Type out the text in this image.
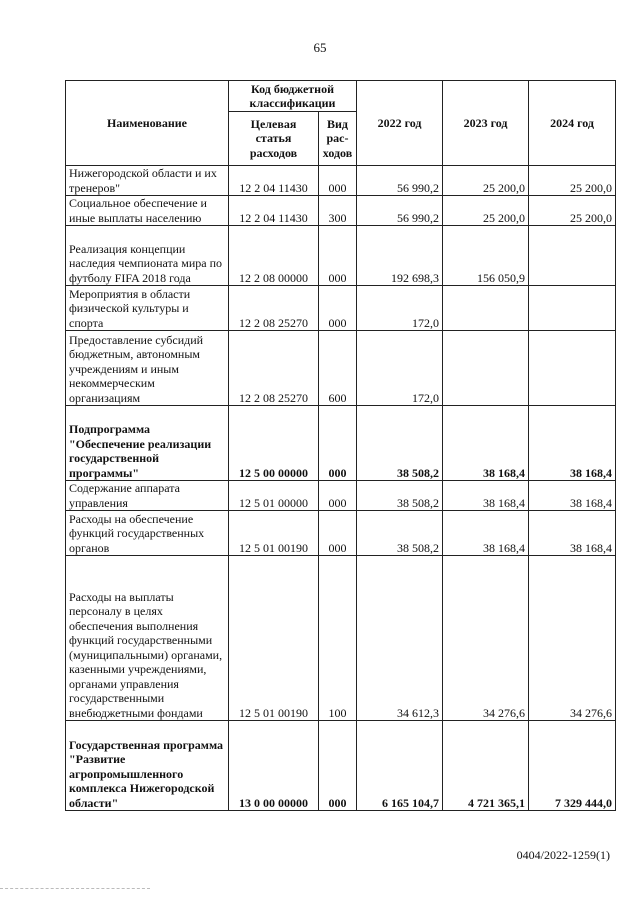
65
Наименование	Код бюджетной классификации		2022 год	2023 год	2024 год
	Целевая статья расходов	Вид рас-ходов			
Нижегородской области и их тренеров"	12 2 04 11430	000	56 990,2	25 200,0	25 200,0
Социальное обеспечение и иные выплаты населению	12 2 04 11430	300	56 990,2	25 200,0	25 200,0
Реализация концепции наследия чемпионата мира по футболу FIFA 2018 года	12 2 08 00000	000	192 698,3	156 050,9	
Мероприятия в области физической культуры и спорта	12 2 08 25270	000	172,0		
Предоставление субсидий бюджетным, автономным учреждениям и иным некоммерческим организациям	12 2 08 25270	600	172,0		
Подпрограмма "Обеспечение реализации государственной программы"	12 5 00 00000	000	38 508,2	38 168,4	38 168,4
Содержание аппарата управления	12 5 01 00000	000	38 508,2	38 168,4	38 168,4
Расходы на обеспечение функций государственных органов	12 5 01 00190	000	38 508,2	38 168,4	38 168,4
Расходы на выплаты персоналу в целях обеспечения выполнения функций государственными (муниципальными) органами, казенными учреждениями, органами управления государственными внебюджетными фондами	12 5 01 00190	100	34 612,3	34 276,6	34 276,6
Государственная программа "Развитие агропромышленного комплекса Нижегородской области"	13 0 00 00000	000	6 165 104,7	4 721 365,1	7 329 444,0
0404/2022-1259(1)
